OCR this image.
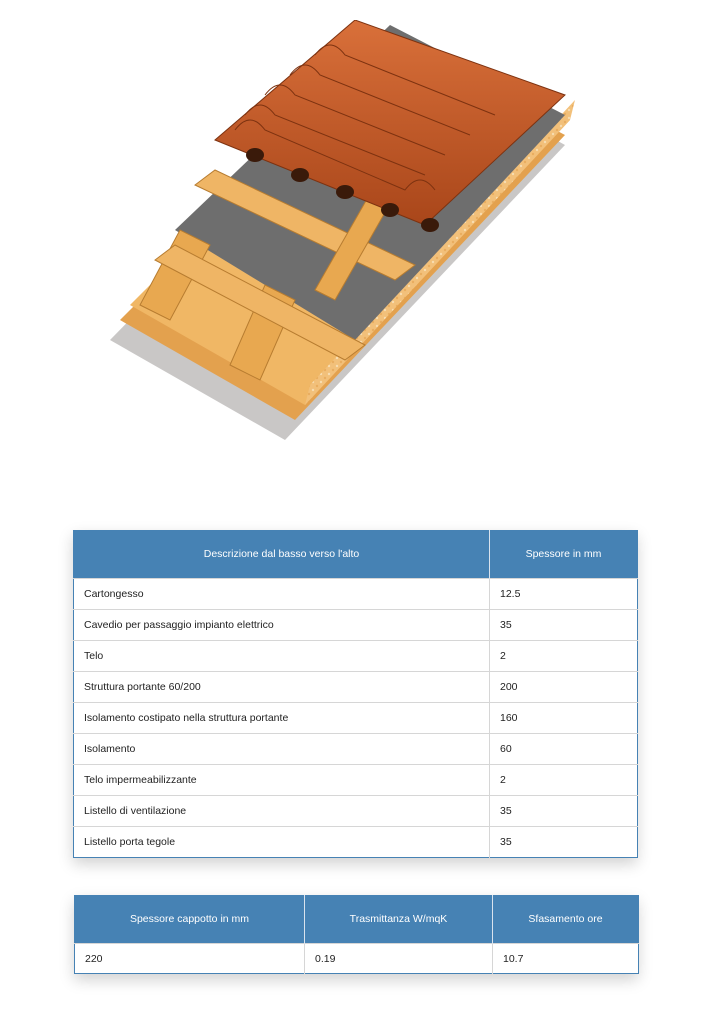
Descrizione dal basso verso l'alto	Spessore in mm
Cartongesso	12.5
Cavedio per passaggio impianto elettrico	35
Telo	2
Struttura portante 60/200	200
Isolamento costipato nella struttura portante	160
Isolamento	60
Telo impermeabilizzante	2
Listello di ventilazione	35
Listello porta tegole	35
Spessore cappotto in mm	Trasmittanza W/mqK	Sfasamento ore
220	0.19	10.7
